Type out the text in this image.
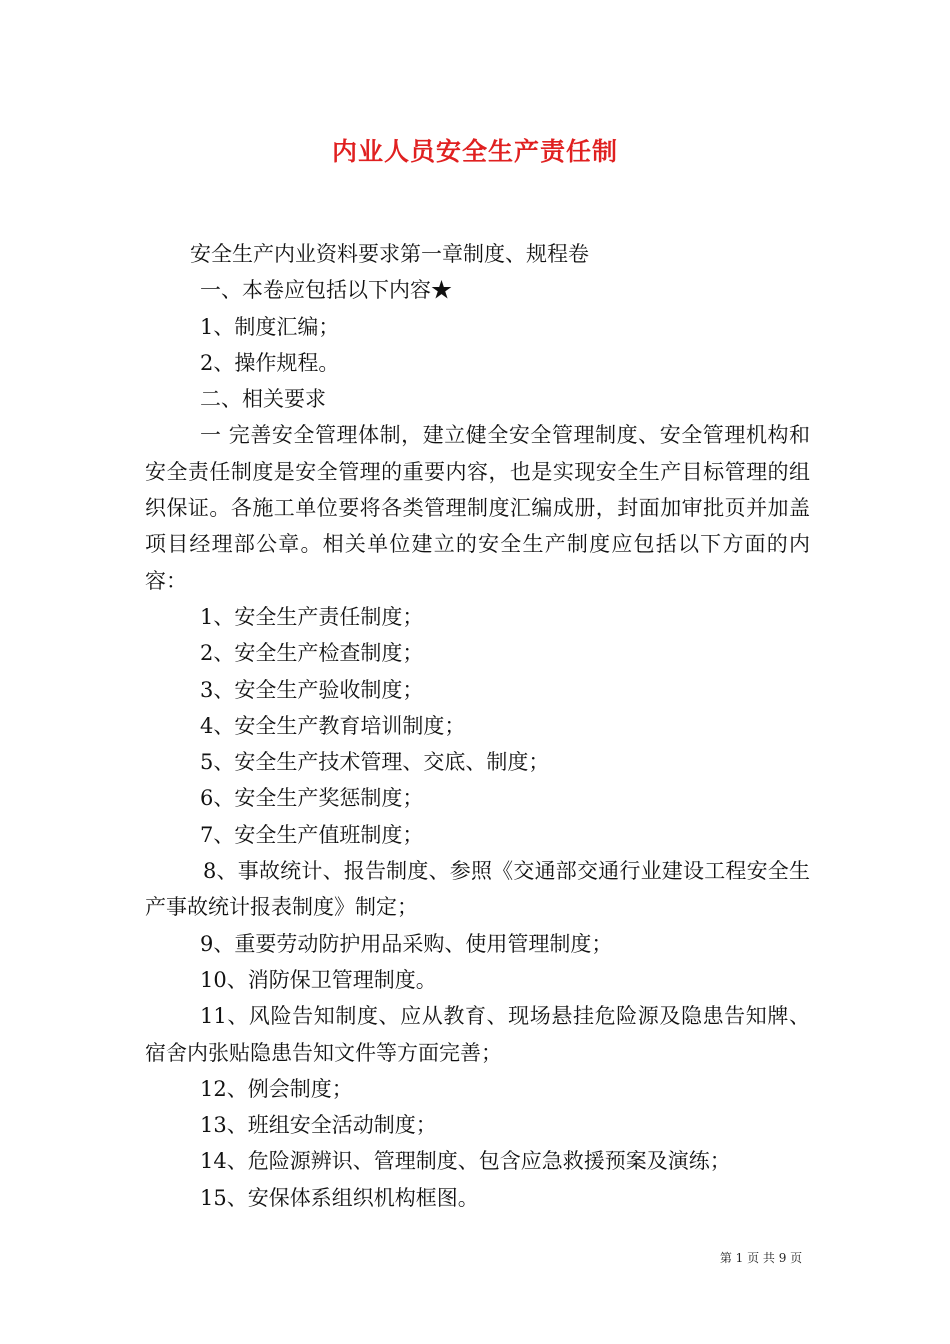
内业人员安全生产责任制

安全生产内业资料要求第一章制度、规程卷

一、本卷应包括以下内容★

1、制度汇编；

2、操作规程。

二、相关要求

一 完善安全管理体制，建立健全安全管理制度、安全管理机构和安全责任制度是安全管理的重要内容，也是实现安全生产目标管理的组织保证。各施工单位要将各类管理制度汇编成册，封面加审批页并加盖项目经理部公章。相关单位建立的安全生产制度应包括以下方面的内容：

1、安全生产责任制度；

2、安全生产检查制度；

3、安全生产验收制度；

4、安全生产教育培训制度；

5、安全生产技术管理、交底、制度；

6、安全生产奖惩制度；

7、安全生产值班制度；

8、事故统计、报告制度、参照《交通部交通行业建设工程安全生产事故统计报表制度》制定；

9、重要劳动防护用品采购、使用管理制度；

10、消防保卫管理制度。

11、风险告知制度、应从教育、现场悬挂危险源及隐患告知牌、宿舍内张贴隐患告知文件等方面完善；

12、例会制度；

13、班组安全活动制度；

14、危险源辨识、管理制度、包含应急救援预案及演练；

15、安保体系组织机构框图。

第 1 页 共 9 页
